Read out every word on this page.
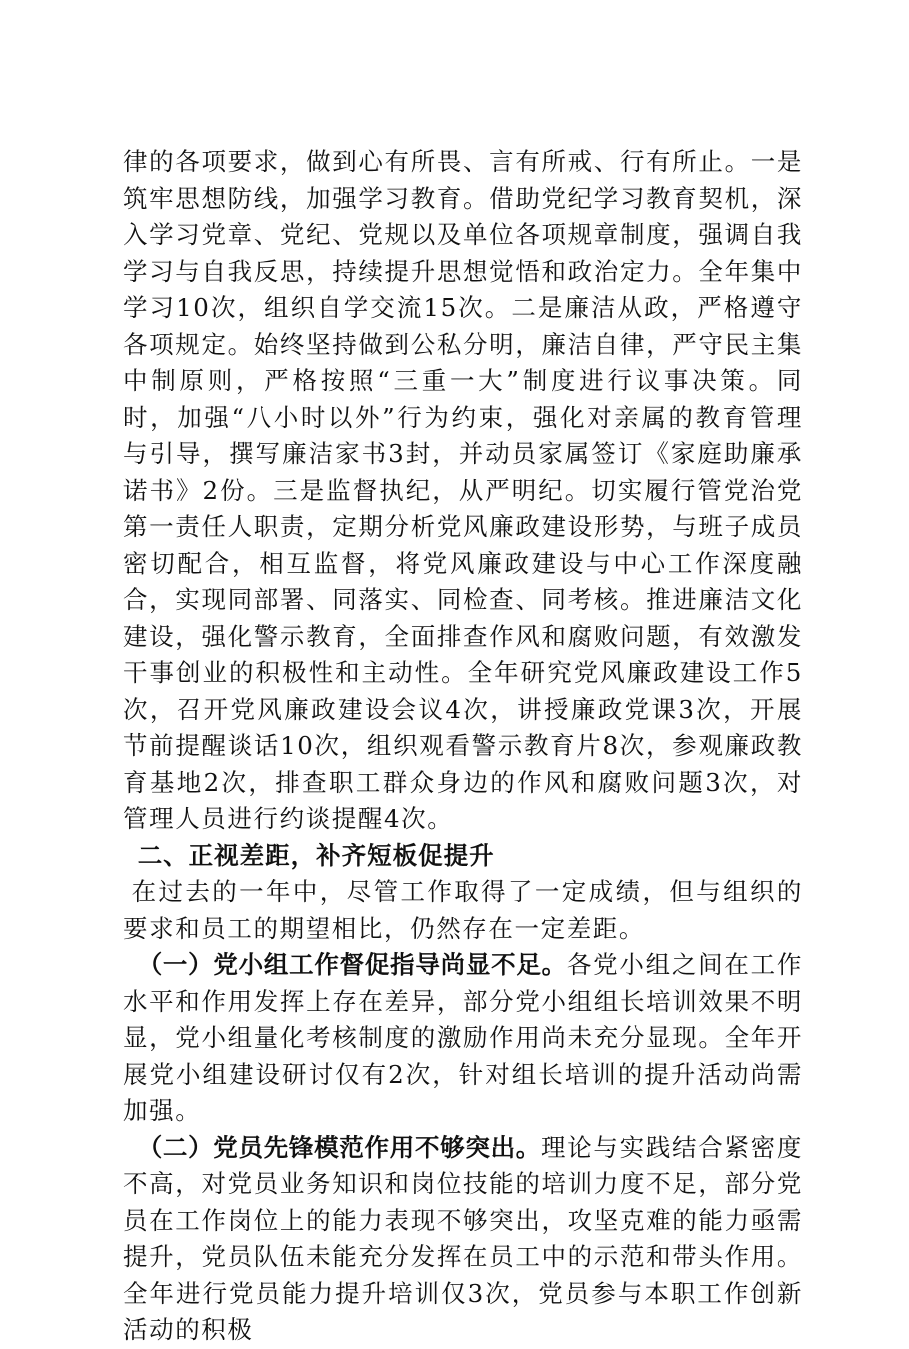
律的各项要求，做到心有所畏、言有所戒、行有所止。一是筑牢思想防线，加强学习教育。借助党纪学习教育契机，深入学习党章、党纪、党规以及单位各项规章制度，强调自我学习与自我反思，持续提升思想觉悟和政治定力。全年集中学习10次，组织自学交流15次。二是廉洁从政，严格遵守各项规定。始终坚持做到公私分明，廉洁自律，严守民主集中制原则，严格按照“三重一大”制度进行议事决策。同时，加强“八小时以外”行为约束，强化对亲属的教育管理与引导，撰写廉洁家书3封，并动员家属签订《家庭助廉承诺书》2份。三是监督执纪，从严明纪。切实履行管党治党第一责任人职责，定期分析党风廉政建设形势，与班子成员密切配合，相互监督，将党风廉政建设与中心工作深度融合，实现同部署、同落实、同检查、同考核。推进廉洁文化建设，强化警示教育，全面排查作风和腐败问题，有效激发干事创业的积极性和主动性。全年研究党风廉政建设工作5次，召开党风廉政建设会议4次，讲授廉政党课3次，开展节前提醒谈话10次，组织观看警示教育片8次，参观廉政教育基地2次，排查职工群众身边的作风和腐败问题3次，对管理人员进行约谈提醒4次。

二、正视差距，补齐短板促提升

在过去的一年中，尽管工作取得了一定成绩，但与组织的要求和员工的期望相比，仍然存在一定差距。

（一）党小组工作督促指导尚显不足。各党小组之间在工作水平和作用发挥上存在差异，部分党小组组长培训效果不明显，党小组量化考核制度的激励作用尚未充分显现。全年开展党小组建设研讨仅有2次，针对组长培训的提升活动尚需加强。

（二）党员先锋模范作用不够突出。理论与实践结合紧密度不高，对党员业务知识和岗位技能的培训力度不足，部分党员在工作岗位上的能力表现不够突出，攻坚克难的能力亟需提升，党员队伍未能充分发挥在员工中的示范和带头作用。全年进行党员能力提升培训仅3次，党员参与本职工作创新活动的积极
